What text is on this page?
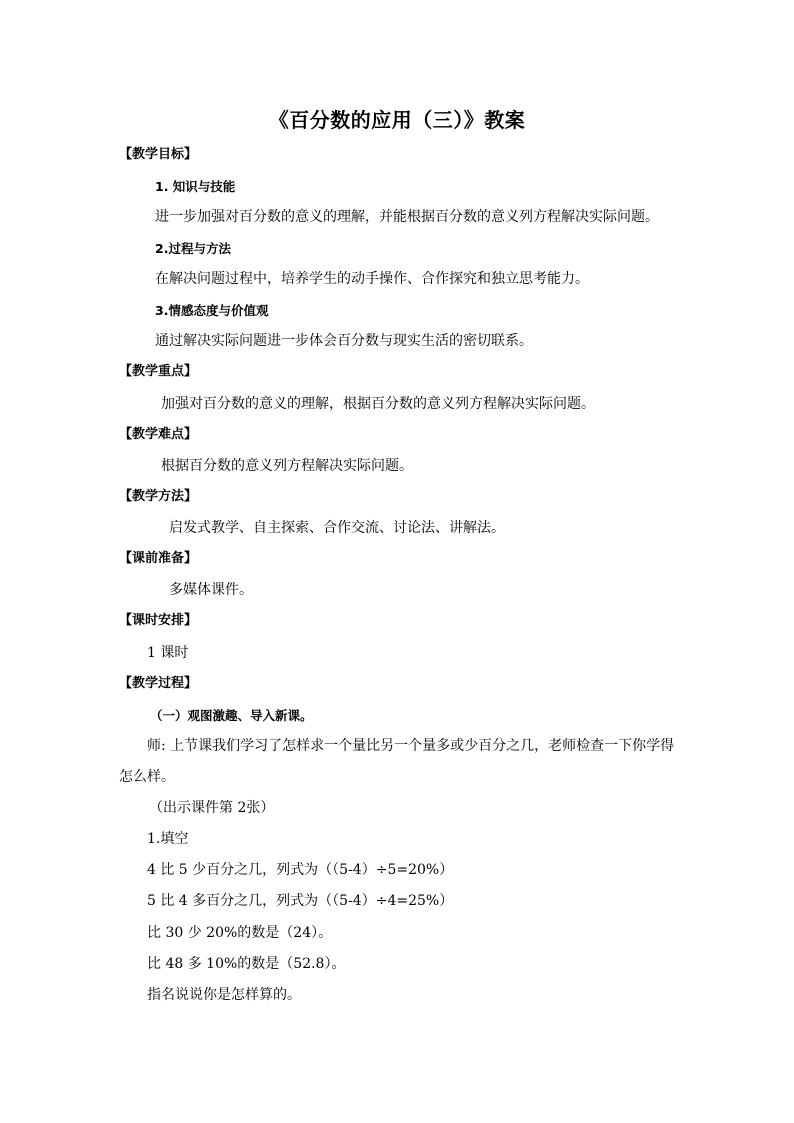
《百分数的应用（三）》教案
【教学目标】
1. 知识与技能
进一步加强对百分数的意义的理解，并能根据百分数的意义列方程解决实际问题。
2.过程与方法
在解决问题过程中，培养学生的动手操作、合作探究和独立思考能力。
3.情感态度与价值观
通过解决实际问题进一步体会百分数与现实生活的密切联系。
【教学重点】
加强对百分数的意义的理解，根据百分数的意义列方程解决实际问题。
【教学难点】
根据百分数的意义列方程解决实际问题。
【教学方法】
启发式教学、自主探索、合作交流、讨论法、讲解法。
【课前准备】
多媒体课件。
【课时安排】
1 课时
【教学过程】
（一）观图激趣、导入新课。
师: 上节课我们学习了怎样求一个量比另一个量多或少百分之几，老师检查一下你学得
怎么样。
（出示课件第 2张）
1.填空
4 比 5 少百分之几，列式为（（5-4）÷5=20%）
5 比 4 多百分之几，列式为（（5-4）÷4=25%）
比 30 少 20%的数是（24）。
比 48 多 10%的数是（52.8）。
指名说说你是怎样算的。
